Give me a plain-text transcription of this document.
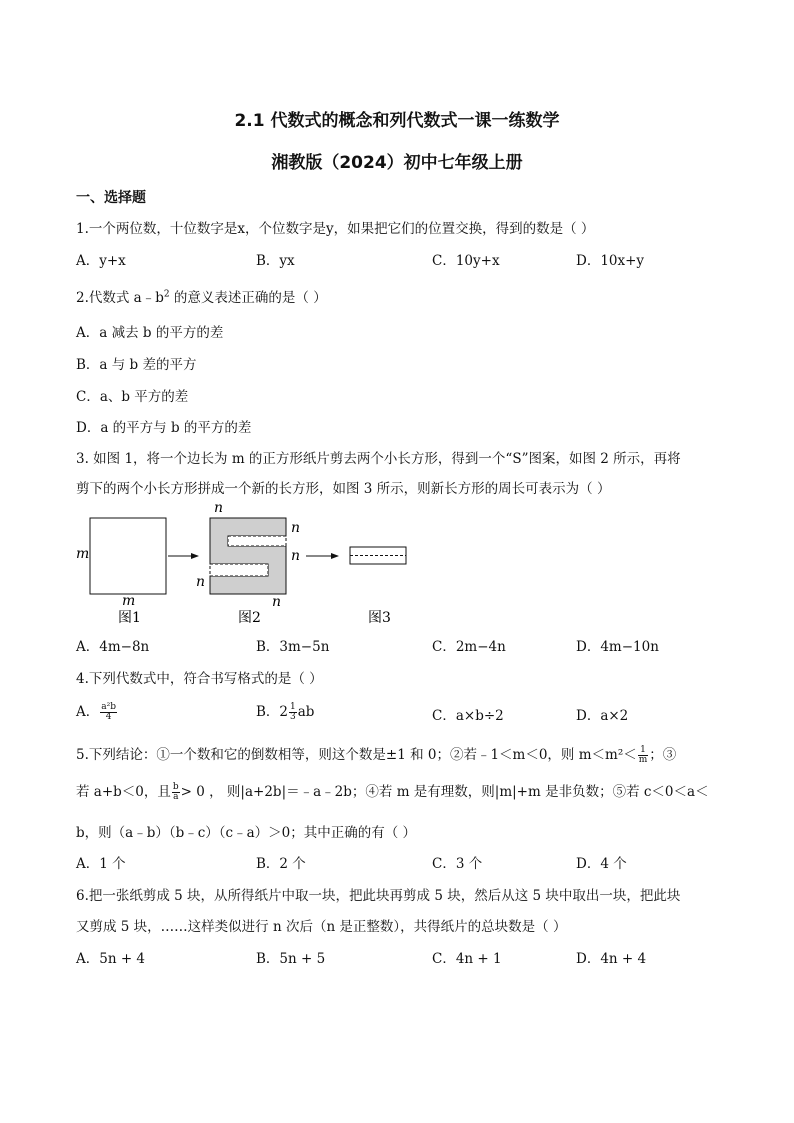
2.1 代数式的概念和列代数式一课一练数学
湘教版（2024）初中七年级上册
一、选择题
1.一个两位数，十位数字是x，个位数字是y，如果把它们的位置交换，得到的数是（ ）
A．y+x	B．yx	C．10y+x	D．10x+y
2.代数式 $a﹣b^2$ 的意义表述正确的是（ ）
A．a 减去 b 的平方的差
B．a 与 b 差的平方
C．a、b 平方的差
D．a 的平方与 b 的平方的差
3. 如图 1，将一个边长为 m 的正方形纸片剪去两个小长方形，得到一个“S”图案，如图 2 所示，再将
剪下的两个小长方形拼成一个新的长方形，如图 3 所示，则新长方形的周长可表示为（ ）
m
m
n
n
n
n
n
图1	图2	图3
A．4m−8n	B．3m−5n	C．2m−4n	D．4m−10n
4.下列代数式中，符合书写格式的是（ ）
A． $\frac{\text{a²b}}{4}$	B．$2 \frac{1}{3}$ ab	C．a×b÷2	D．a×2
5.下列结论：①一个数和它的倒数相等，则这个数是±1 和 0；②若﹣1＜m＜0，则 $m<m^2< \frac{1}{m}$ ；③
若 a+b＜0，且 $\frac{b}{a} > 0$ ， 则|a+2b|＝﹣a﹣2b；④若 m 是有理数，则|m|+m 是非负数；⑤若 c＜0＜a＜
b，则（a﹣b）（b﹣c）（c﹣a）＞0；其中正确的有（ ）
A．1 个	B．2 个	C．3 个	D．4 个
6.把一张纸剪成 5 块，从所得纸片中取一块，把此块再剪成 5 块，然后从这 5 块中取出一块，把此块
又剪成 5 块，……这样类似进行 n 次后（n 是正整数），共得纸片的总块数是（ ）
A．5n + 4	B．5n + 5	C．4n + 1	D．4n + 4
